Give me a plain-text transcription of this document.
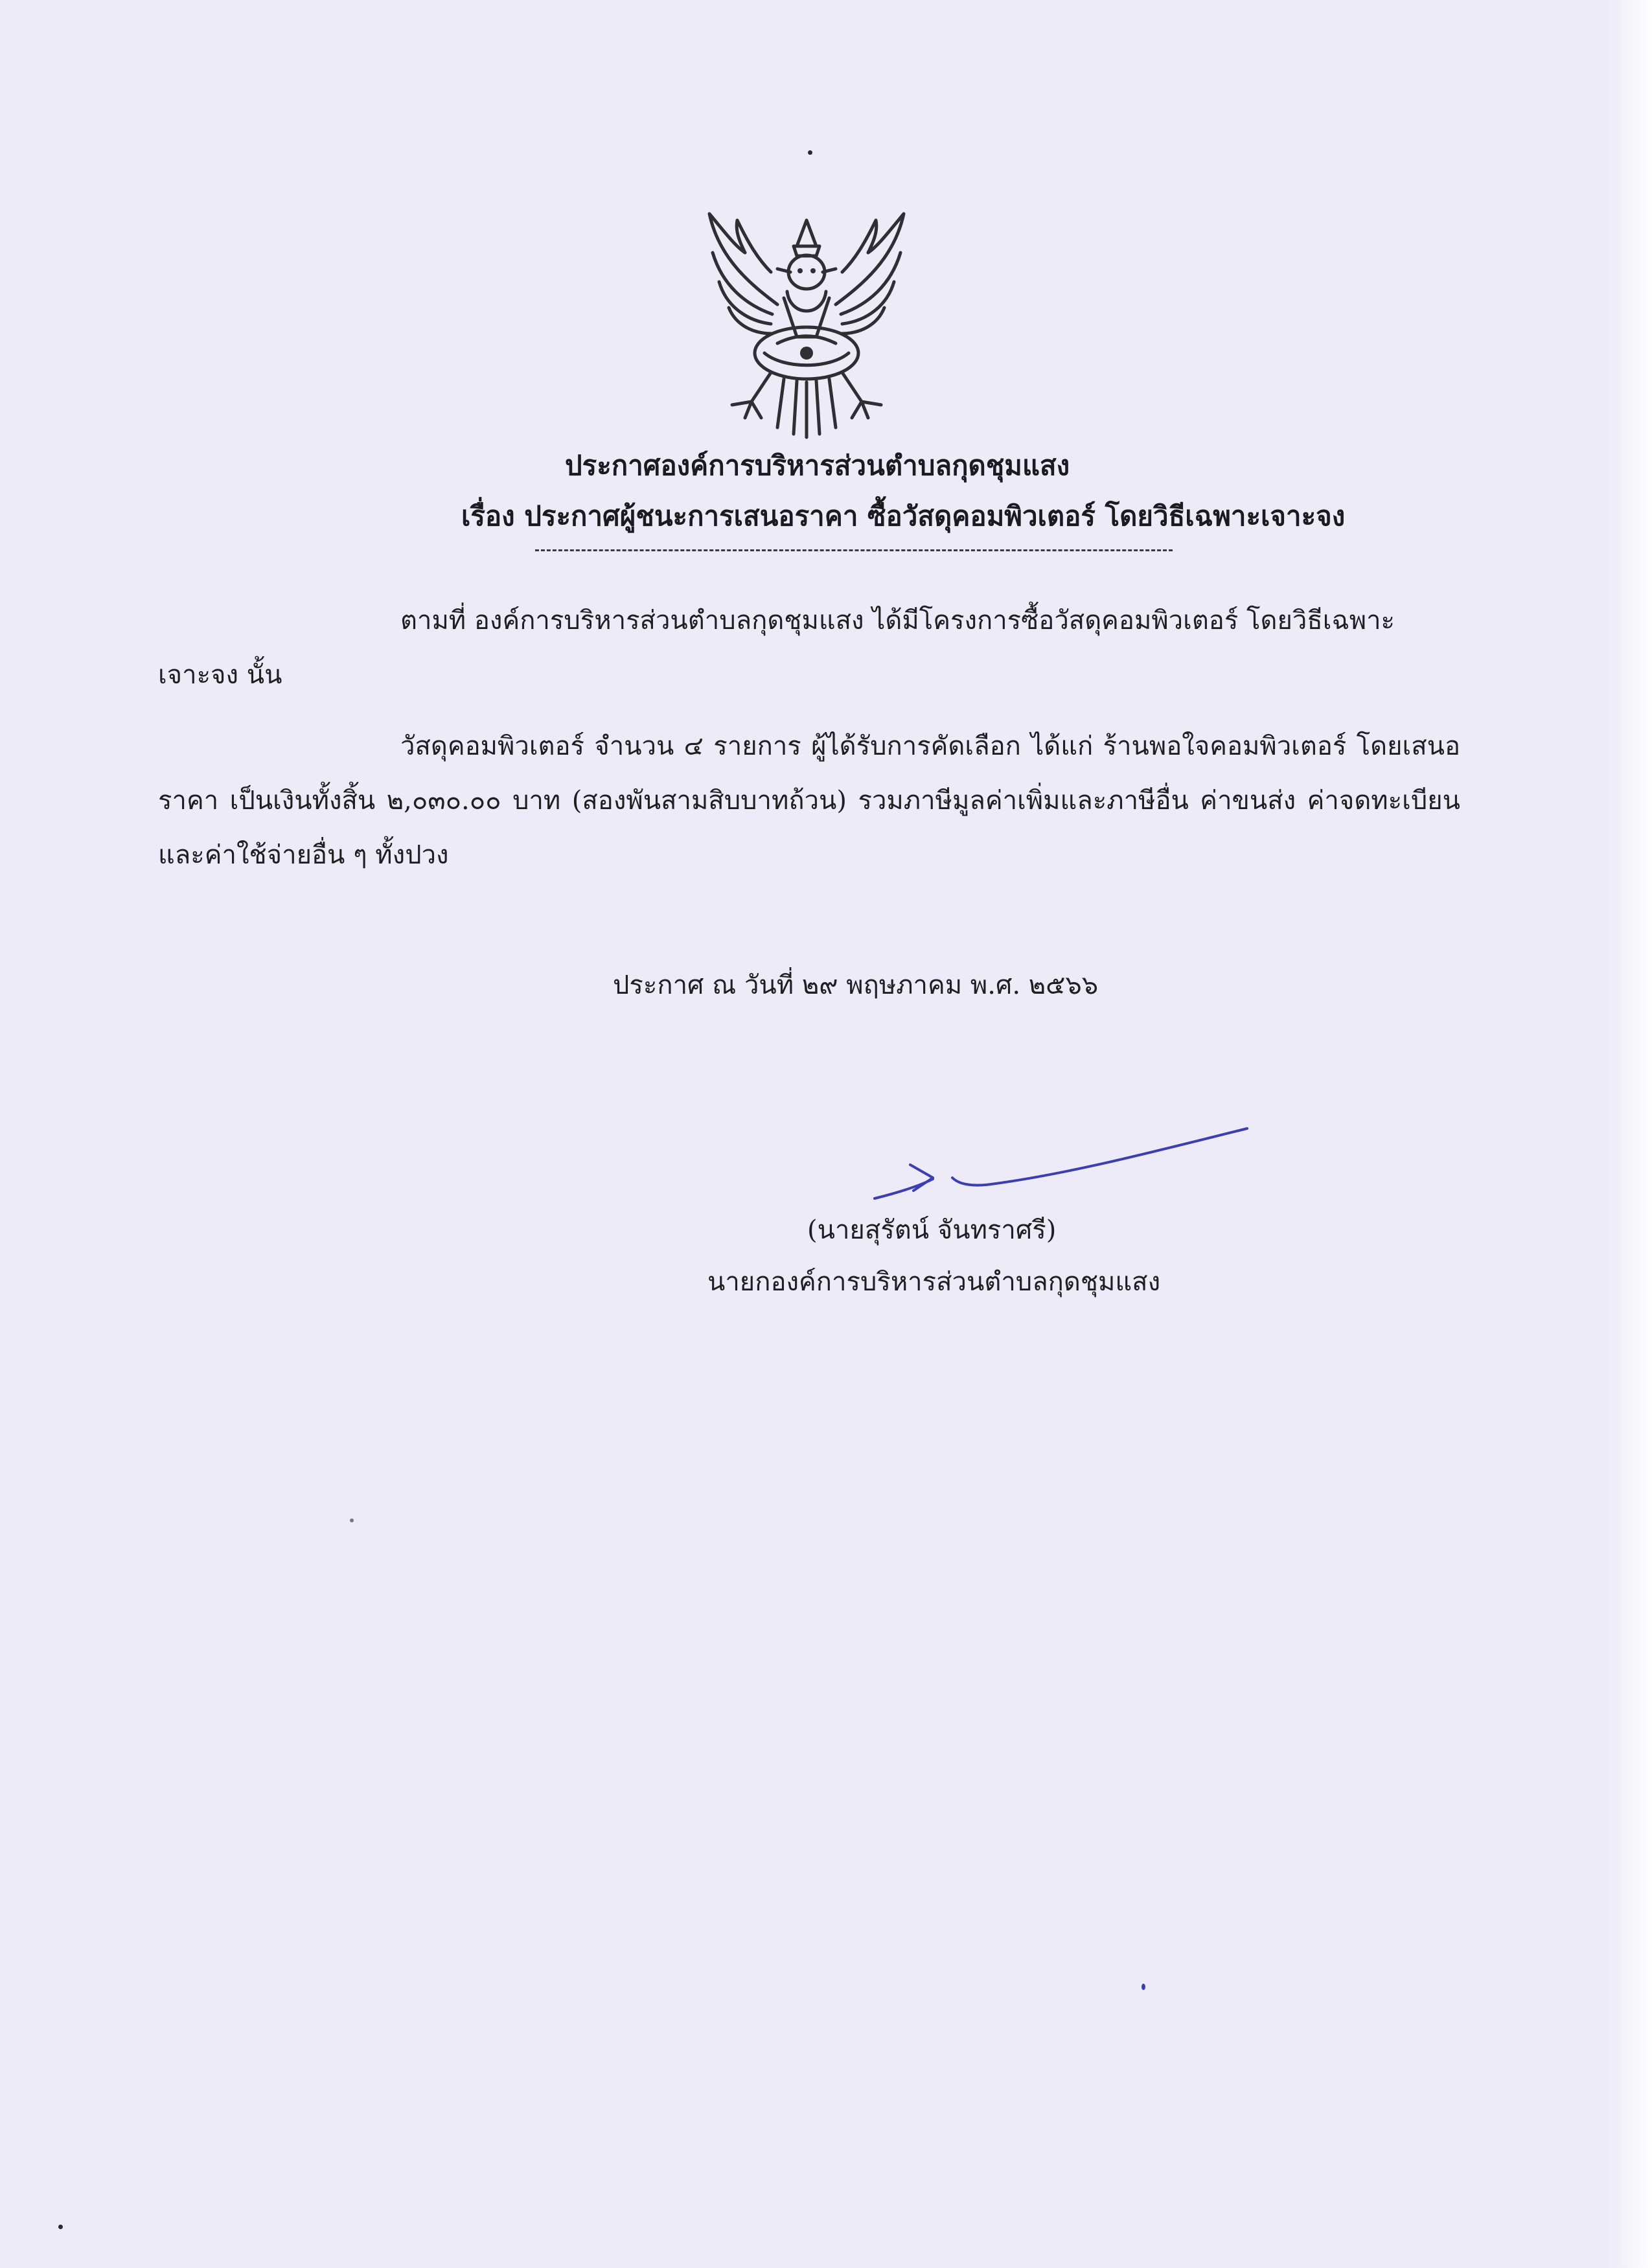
ประกาศองค์การบริหารส่วนตำบลกุดชุมแสง
เรื่อง ประกาศผู้ชนะการเสนอราคา ซื้อวัสดุคอมพิวเตอร์ โดยวิธีเฉพาะเจาะจง
ตามที่ องค์การบริหารส่วนตำบลกุดชุมแสง ได้มีโครงการซื้อวัสดุคอมพิวเตอร์ โดยวิธีเฉพาะเจาะจง นั้น
วัสดุคอมพิวเตอร์ จำนวน ๔ รายการ ผู้ได้รับการคัดเลือก ได้แก่ ร้านพอใจคอมพิวเตอร์ โดยเสนอราคา เป็นเงินทั้งสิ้น ๒,๐๓๐.๐๐ บาท (สองพันสามสิบบาทถ้วน) รวมภาษีมูลค่าเพิ่มและภาษีอื่น ค่าขนส่ง ค่าจดทะเบียน และค่าใช้จ่ายอื่น ๆ ทั้งปวง
ประกาศ ณ วันที่ ๒๙ พฤษภาคม พ.ศ. ๒๕๖๖
(นายสุรัตน์ จันทราศรี)
นายกองค์การบริหารส่วนตำบลกุดชุมแสง
